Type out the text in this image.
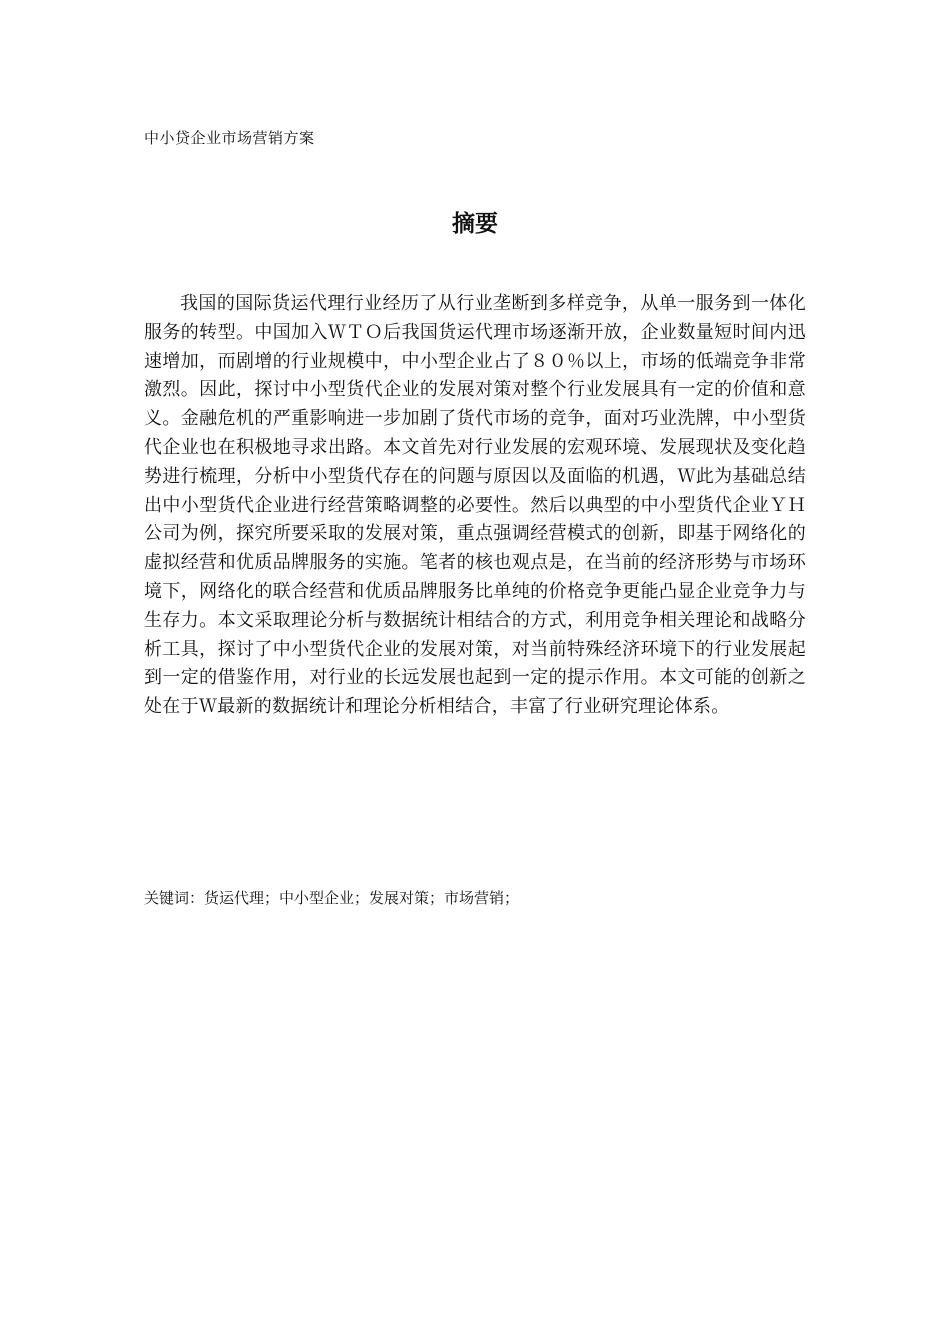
中小贷企业市场营销方案
摘要

我国的国际货运代理行业经历了从行业垄断到多样竞争，从单一服务到一体化服务的转型。中国加入ＷＴＯ后我国货运代理市场逐渐开放，企业数量短时间内迅速增加，而剧增的行业规模中，中小型企业占了８０％以上，市场的低端竞争非常激烈。因此，探讨中小型货代企业的发展对策对整个行业发展具有一定的价值和意义。金融危机的严重影响进一步加剧了货代市场的竞争，面对巧业洗牌，中小型货代企业也在积极地寻求出路。本文首先对行业发展的宏观环境、发展现状及变化趋势进行梳理，分析中小型货代存在的问题与原因以及面临的机遇，Ｗ此为基础总结出中小型货代企业进行经营策略调整的必要性。然后以典型的中小型货代企业ＹＨ公司为例，探究所要采取的发展对策，重点强调经营模式的创新，即基于网络化的虚拟经营和优质品牌服务的实施。笔者的核也观点是，在当前的经济形势与市场环境下，网络化的联合经营和优质品牌服务比单纯的价格竞争更能凸显企业竞争力与生存力。本文采取理论分析与数据统计相结合的方式，利用竞争相关理论和战略分析工具，探讨了中小型货代企业的发展对策，对当前特殊经济环境下的行业发展起到一定的借鉴作用，对行业的长远发展也起到一定的提示作用。本文可能的创新之处在于Ｗ最新的数据统计和理论分析相结合，丰富了行业研究理论体系。

关键词：货运代理；中小型企业；发展对策；市场营销；
